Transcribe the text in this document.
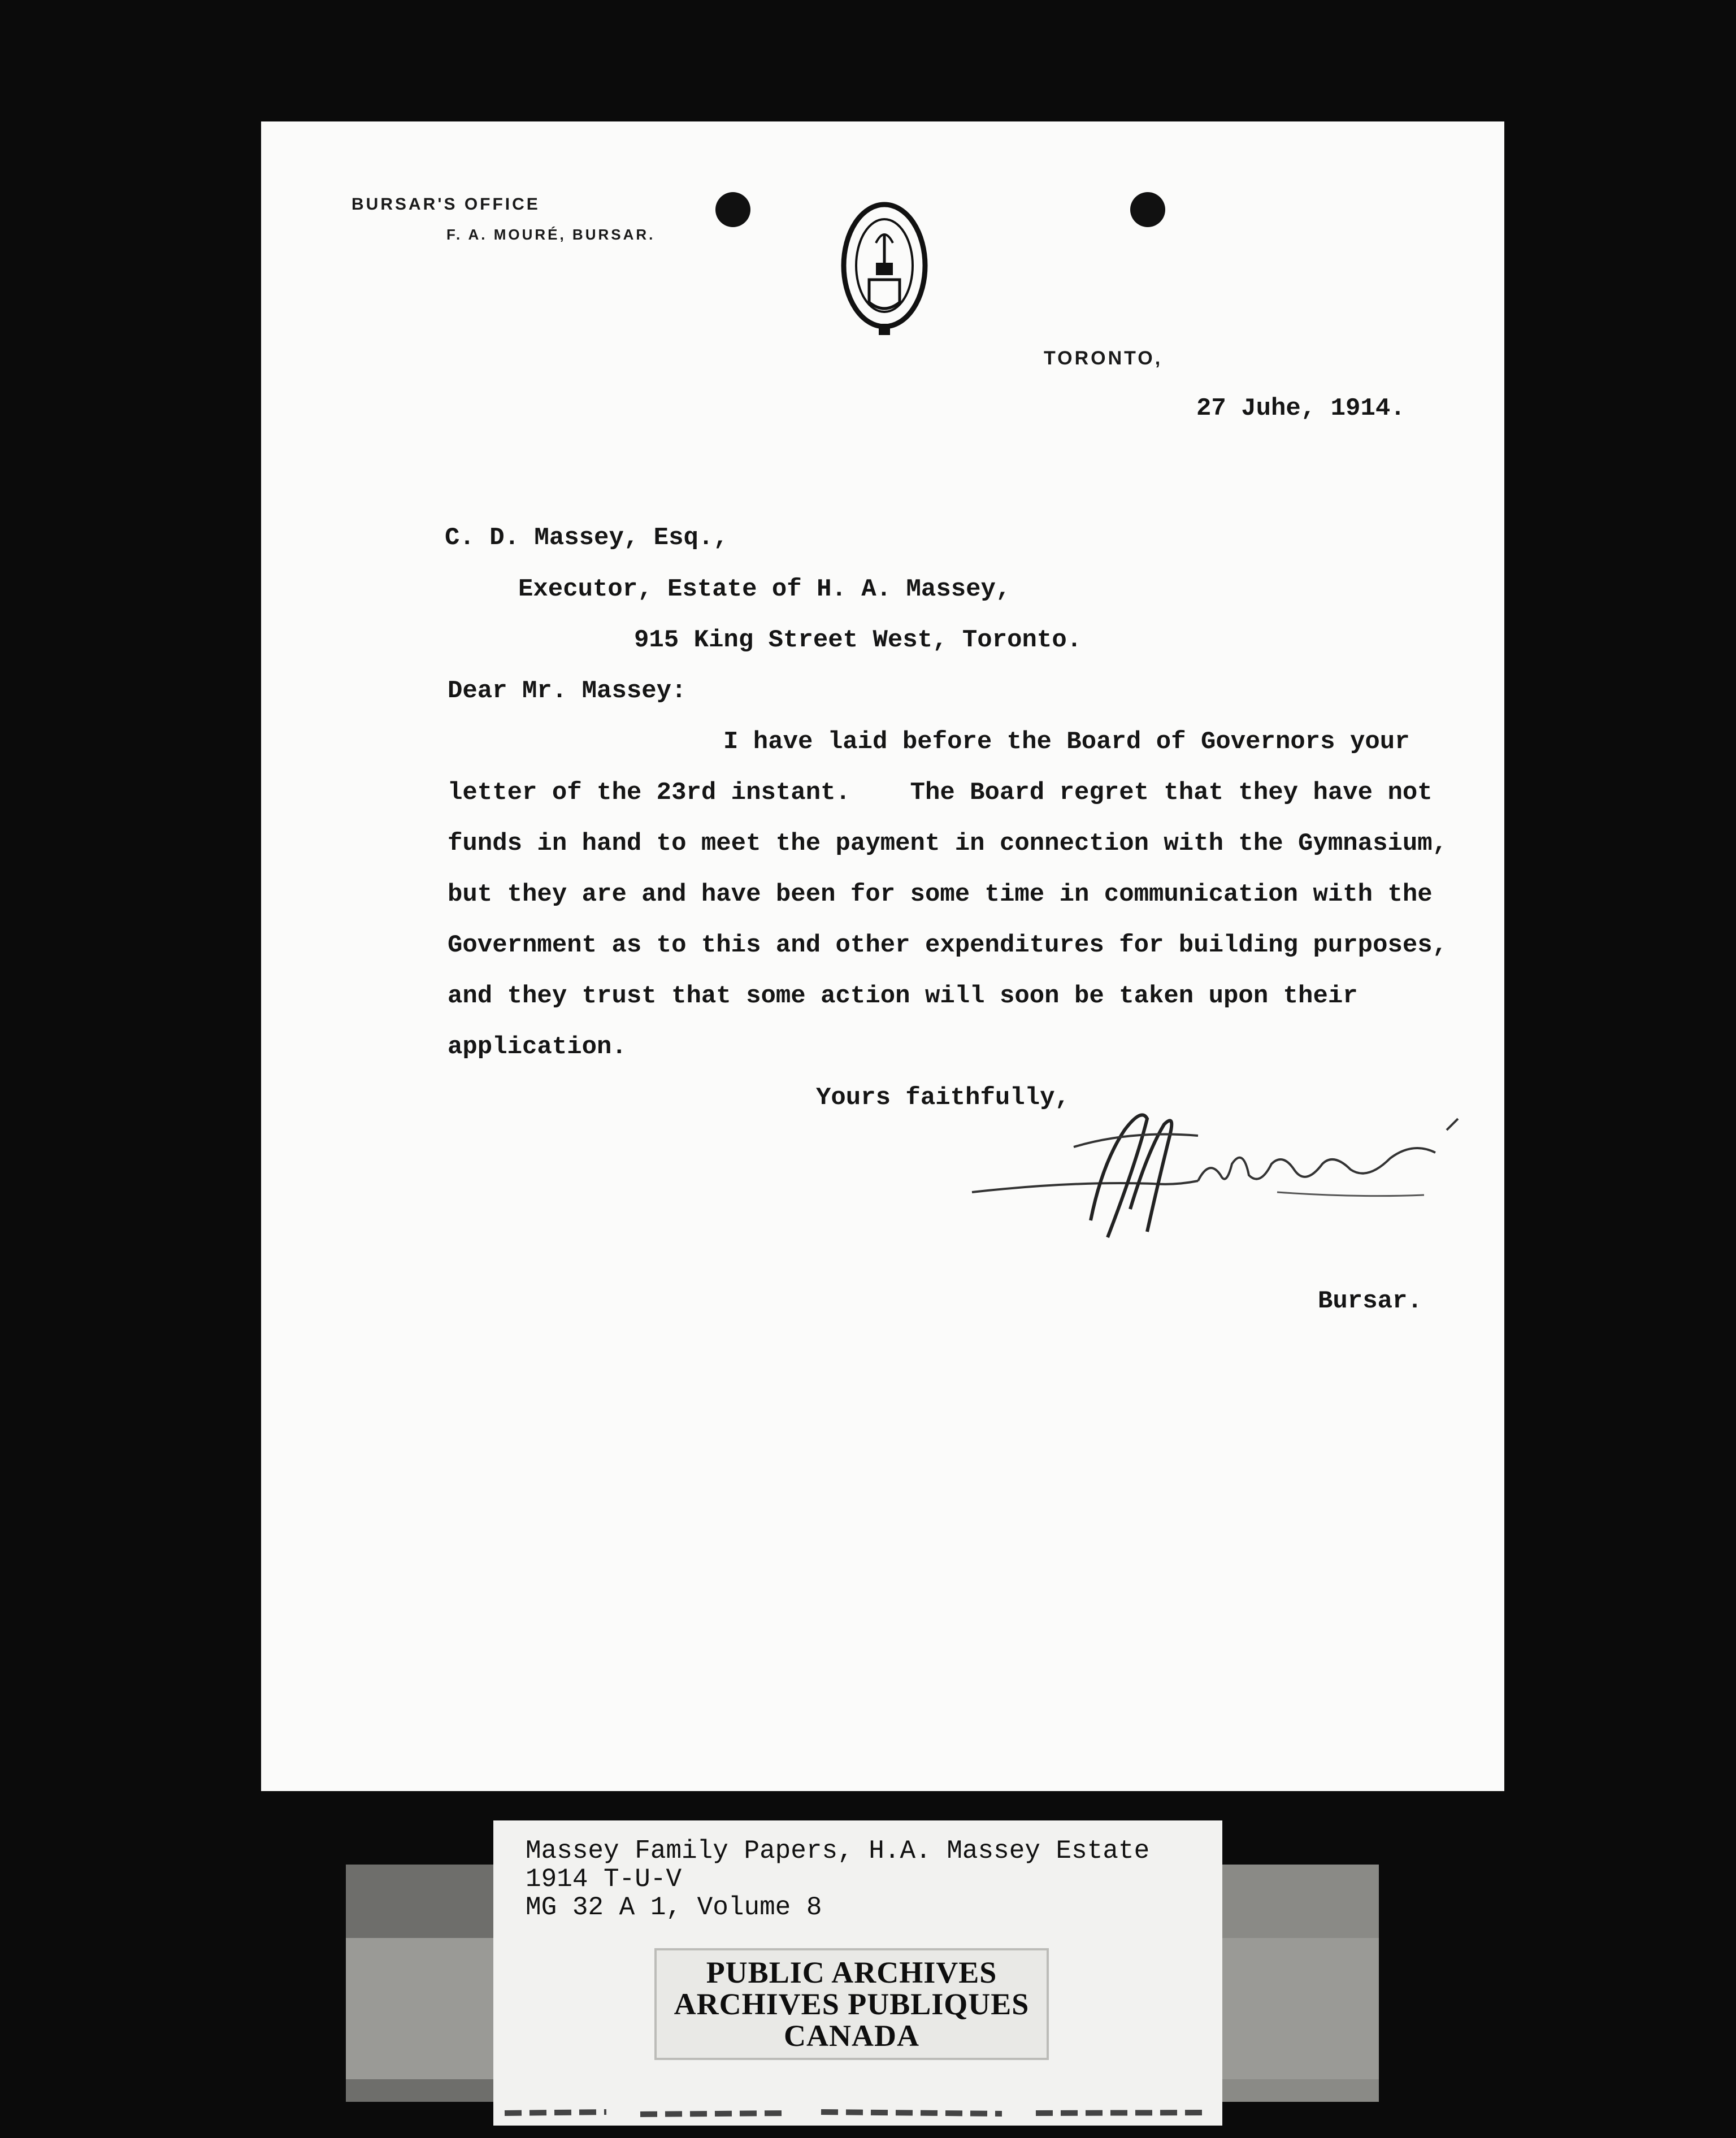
BURSAR'S OFFICE
F. A. MOURÉ, BURSAR.
TORONTO,
27 Juhe, 1914.
C. D. Massey, Esq.,
Executor, Estate of H. A. Massey,
915 King Street West, Toronto.
Dear Mr. Massey:
I have laid before the Board of Governors your
letter of the 23rd instant.    The Board regret that they have not
funds in hand to meet the payment in connection with the Gymnasium,
but they are and have been for some time in communication with the
Government as to this and other expenditures for building purposes,
and they trust that some action will soon be taken upon their
application.
Yours faithfully,
Bursar.
Massey Family Papers, H.A. Massey Estate
1914 T-U-V
MG 32 A 1, Volume 8
PUBLIC ARCHIVES
ARCHIVES PUBLIQUES
CANADA
